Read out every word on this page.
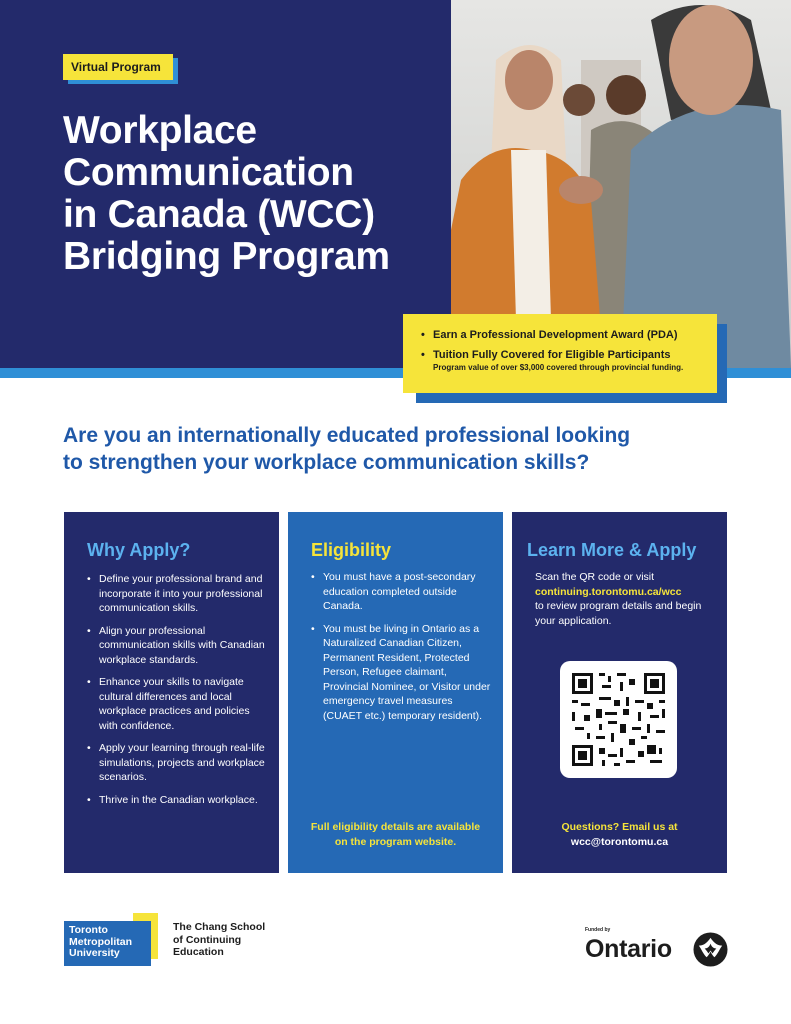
Virtual Program
Workplace
Communication
in Canada (WCC)
Bridging Program
• Earn a Professional Development Award (PDA)
• Tuition Fully Covered for Eligible Participants
Program value of over $3,000 covered through provincial funding.
Are you an internationally educated professional looking
to strengthen your workplace communication skills?
Why Apply?
• Define your professional brand and incorporate it into your professional communication skills.
• Align your professional communication skills with Canadian workplace standards.
• Enhance your skills to navigate cultural differences and local workplace practices and policies with confidence.
• Apply your learning through real-life simulations, projects and workplace scenarios.
• Thrive in the Canadian workplace.
Eligibility
• You must have a post-secondary education completed outside Canada.
• You must be living in Ontario as a Naturalized Canadian Citizen, Permanent Resident, Protected Person, Refugee claimant, Provincial Nominee, or Visitor under emergency travel measures (CUAET etc.) temporary resident).
Full eligibility details are available
on the program website.
Learn More & Apply

Scan the QR code or visit
continuing.torontomu.ca/wcc
to review program details and begin your application.

Questions? Email us at
wcc@torontomu.ca
Toronto
Metropolitan
University
The Chang School
of Continuing
Education
Funded by
Ontario
